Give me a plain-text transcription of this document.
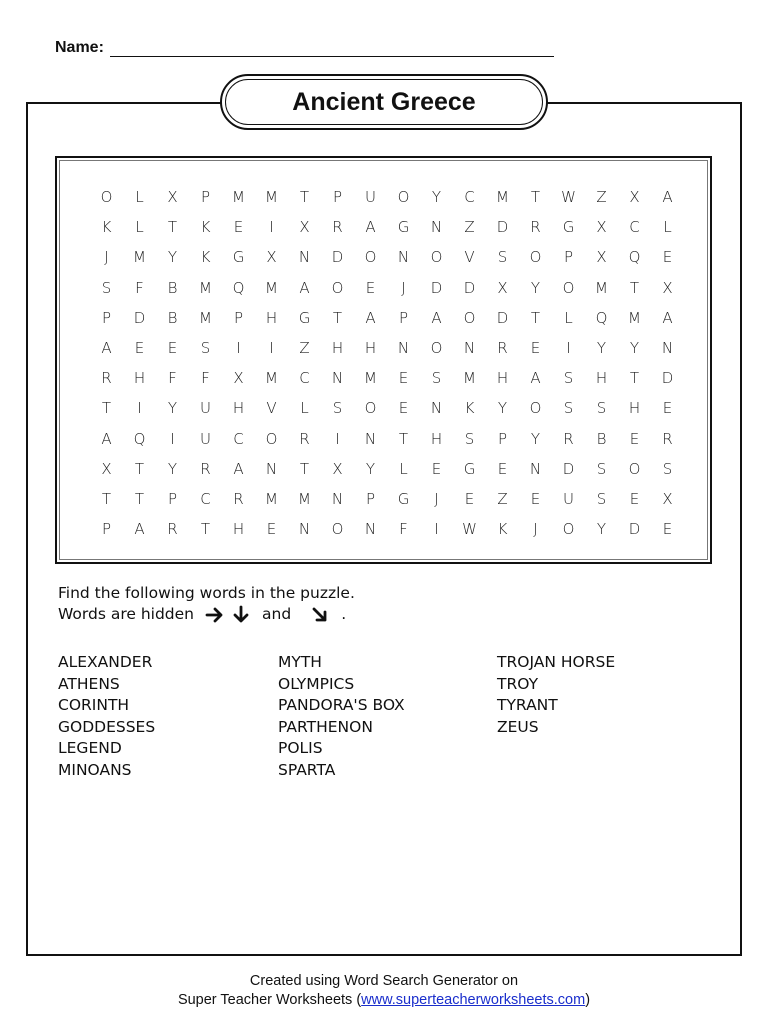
Name:
Ancient Greece
O	L	X	P	M	M	T	P	U	O	Y	C	M	T	W	Z	X	A
K	L	T	K	E	I	X	R	A	G	N	Z	D	R	G	X	C	L
J	M	Y	K	G	X	N	D	O	N	O	V	S	O	P	X	Q	E
S	F	B	M	Q	M	A	O	E	J	D	D	X	Y	O	M	T	X
P	D	B	M	P	H	G	T	A	P	A	O	D	T	L	Q	M	A
A	E	E	S	I	I	Z	H	H	N	O	N	R	E	I	Y	Y	N
R	H	F	F	X	M	C	N	M	E	S	M	H	A	S	H	T	D
T	I	Y	U	H	V	L	S	O	E	N	K	Y	O	S	S	H	E
A	Q	I	U	C	O	R	I	N	T	H	S	P	Y	R	B	E	R
X	T	Y	R	A	N	T	X	Y	L	E	G	E	N	D	S	O	S
T	T	P	C	R	M	M	N	P	G	J	E	Z	E	U	S	E	X
P	A	R	T	H	E	N	O	N	F	I	W	K	J	O	Y	D	E
Find the following words in the puzzle.
Words are hidden	and	.
ALEXANDER
ATHENS
CORINTH
GODDESSES
LEGEND
MINOANS
MYTH
OLYMPICS
PANDORA'S BOX
PARTHENON
POLIS
SPARTA
TROJAN HORSE
TROY
TYRANT
ZEUS
Created using Word Search Generator on
Super Teacher Worksheets (www.superteacherworksheets.com)
